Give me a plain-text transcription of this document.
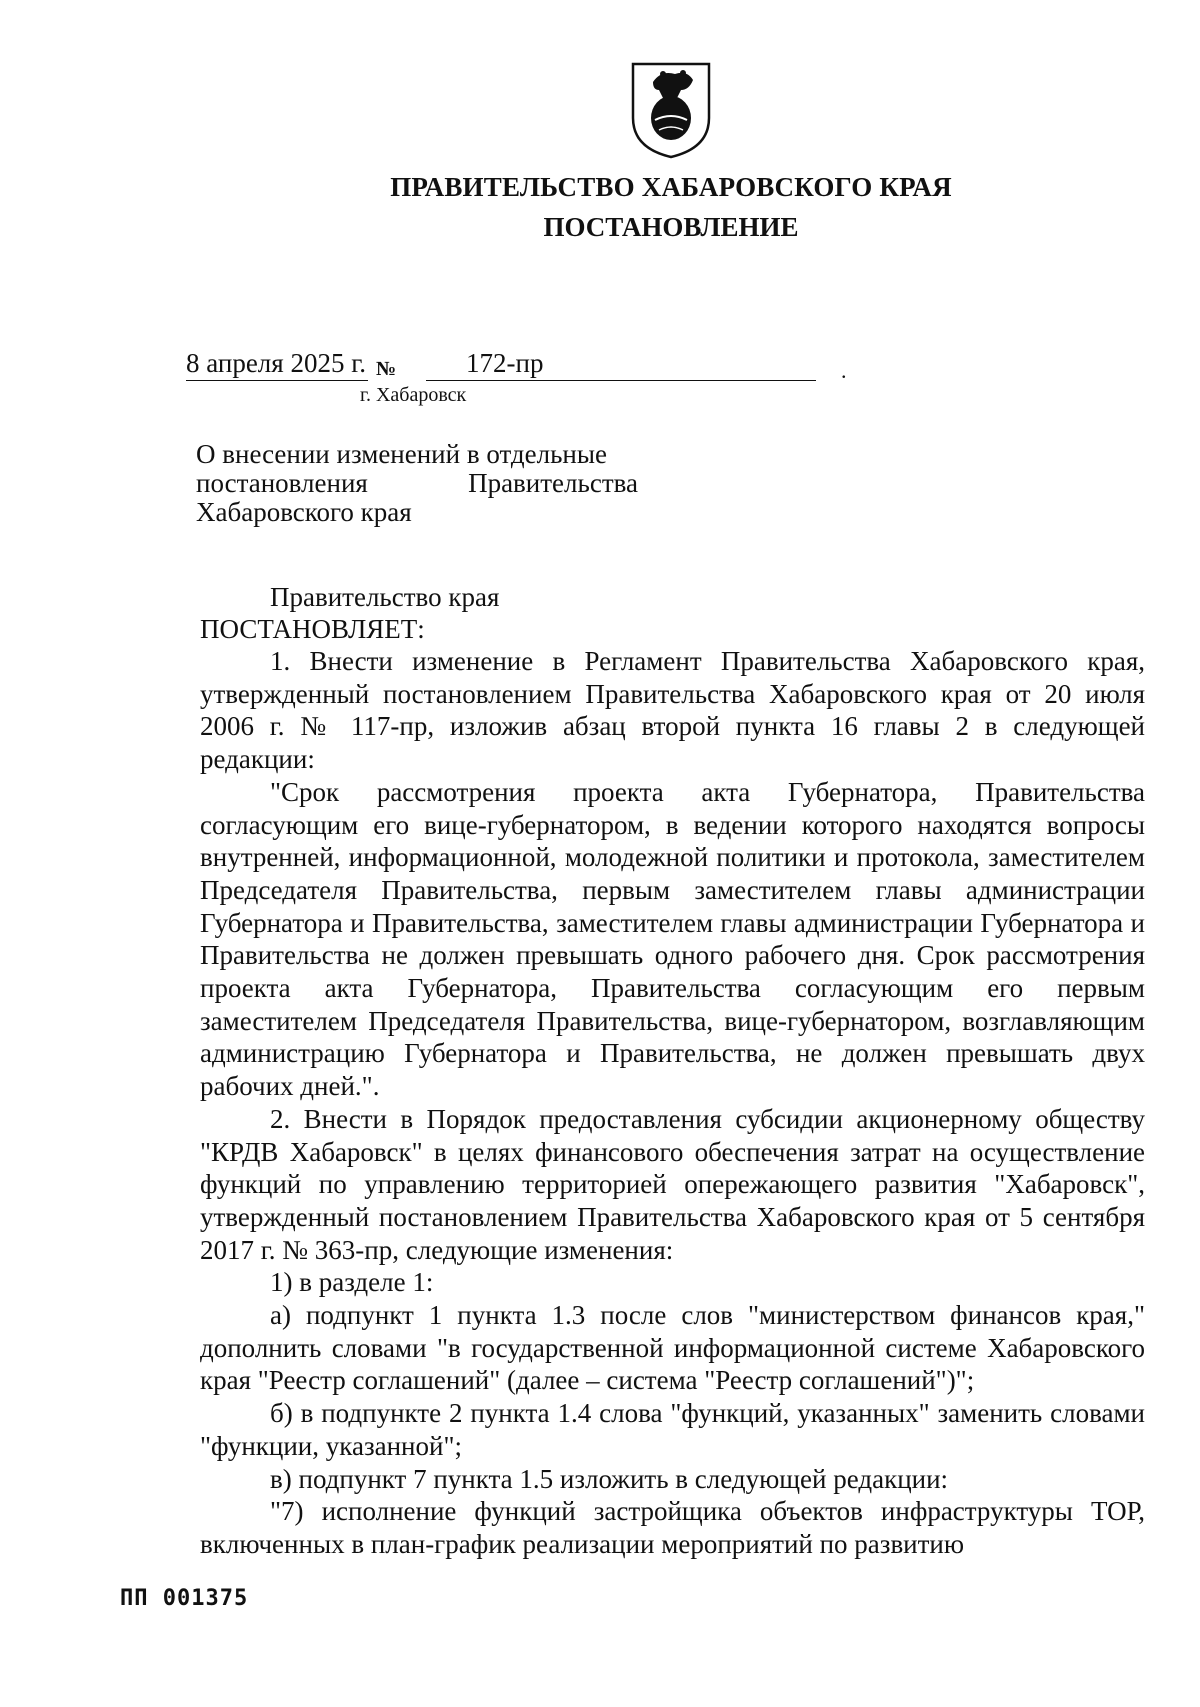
ПРАВИТЕЛЬСТВО ХАБАРОВСКОГО КРАЯ
ПОСТАНОВЛЕНИЕ
8 апреля 2025 г. №	172-пр	.
г. Хабаровск
О внесении изменений в отдельные
постановления	Правительства
Хабаровского края
Правительство края
ПОСТАНОВЛЯЕТ:

1. Внести изменение в Регламент Правительства Хабаровского края, утвержденный постановлением Правительства Хабаровского края от 20 июля 2006 г. № 117-пр, изложив абзац второй пункта 16 главы 2 в следующей редакции:

"Срок рассмотрения проекта акта Губернатора, Правительства согласующим его вице-губернатором, в ведении которого находятся вопросы внутренней, информационной, молодежной политики и протокола, заместителем Председателя Правительства, первым заместителем главы администрации Губернатора и Правительства, заместителем главы администрации Губернатора и Правительства не должен превышать одного рабочего дня. Срок рассмотрения проекта акта Губернатора, Правительства согласующим его первым заместителем Председателя Правительства, вице-губернатором, возглавляющим администрацию Губернатора и Правительства, не должен превышать двух рабочих дней.".

2. Внести в Порядок предоставления субсидии акционерному обществу "КРДВ Хабаровск" в целях финансового обеспечения затрат на осуществление функций по управлению территорией опережающего развития "Хабаровск", утвержденный постановлением Правительства Хабаровского края от 5 сентября 2017 г. № 363-пр, следующие изменения:

1) в разделе 1:

а) подпункт 1 пункта 1.3 после слов "министерством финансов края," дополнить словами "в государственной информационной системе Хабаровского края "Реестр соглашений" (далее – система "Реестр соглашений")";

б) в подпункте 2 пункта 1.4 слова "функций, указанных" заменить словами "функции, указанной";

в) подпункт 7 пункта 1.5 изложить в следующей редакции:

"7) исполнение функций застройщика объектов инфраструктуры ТОР, включенных в план-график реализации мероприятий по развитию

ПП 001375
